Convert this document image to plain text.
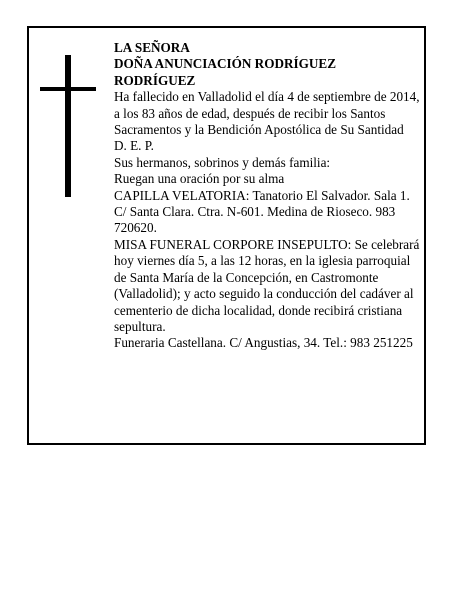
LA SEÑORA

DOÑA ANUNCIACIÓN RODRÍGUEZ RODRÍGUEZ

Ha fallecido en Valladolid el día 4 de septiembre de 2014, a los 83 años de edad, después de recibir los Santos Sacramentos y la Bendición Apostólica de Su Santidad

D. E. P.

Sus hermanos, sobrinos y demás familia:

Ruegan una oración por su alma

CAPILLA VELATORIA: Tanatorio El Salvador. Sala 1. C/ Santa Clara. Ctra. N-601. Medina de Rioseco. 983 720620.

MISA FUNERAL CORPORE INSEPULTO: Se celebrará hoy viernes día 5, a las 12 horas, en la iglesia parroquial de Santa María de la Concepción, en Castromonte (Valladolid); y acto seguido la conducción del cadáver al cementerio de dicha localidad, donde recibirá cristiana sepultura.

Funeraria Castellana. C/ Angustias, 34. Tel.: 983 251225
